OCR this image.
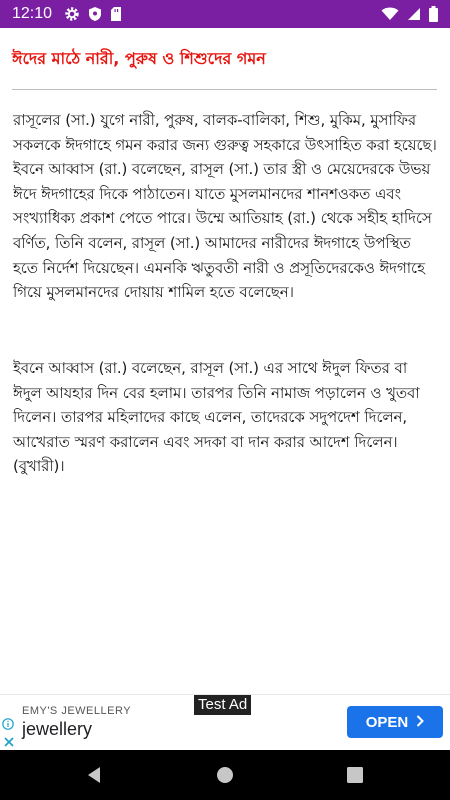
12:10
ঈদের মাঠে নারী, পুরুষ ও শিশুদের গমন

রাসূলের (সা.) যুগে নারী, পুরুষ, বালক-বালিকা, শিশু, মুকিম, মুসাফির সকলকে ঈদগাহে গমন করার জন্য গুরুত্ব সহকারে উৎসাহিত করা হয়েছে। ইবনে আব্বাস (রা.) বলেছেন, রাসূল (সা.) তার স্ত্রী ও মেয়েদেরকে উভয় ঈদে ঈদগাহের দিকে পাঠাতেন। যাতে মুসলমানদের শানশওকত এবং সংখ্যাধিক্য প্রকাশ পেতে পারে। উম্মে আতিয়াহ (রা.) থেকে সহীহ হাদিসে বর্ণিত, তিনি বলেন, রাসূল (সা.) আমাদের নারীদের ঈদগাহে উপস্থিত হতে নির্দেশ দিয়েছেন। এমনকি ঋতুবতী নারী ও প্রসূতিদেরকেও ঈদগাহে গিয়ে মুসলমানদের দোয়ায় শামিল হতে বলেছেন।

ইবনে আব্বাস (রা.) বলেছেন, রাসূল (সা.) এর সাথে ঈদুল ফিতর বা ঈদুল আযহার দিন বের হলাম। তারপর তিনি নামাজ পড়ালেন ও খুতবা দিলেন। তারপর মহিলাদের কাছে এলেন, তাদেরকে সদুপদেশ দিলেন, আখেরাত স্মরণ করালেন এবং সদকা বা দান করার আদেশ দিলেন। (বুখারী)।

Test Ad
EMY'S JEWELLERY
jewellery	OPEN
